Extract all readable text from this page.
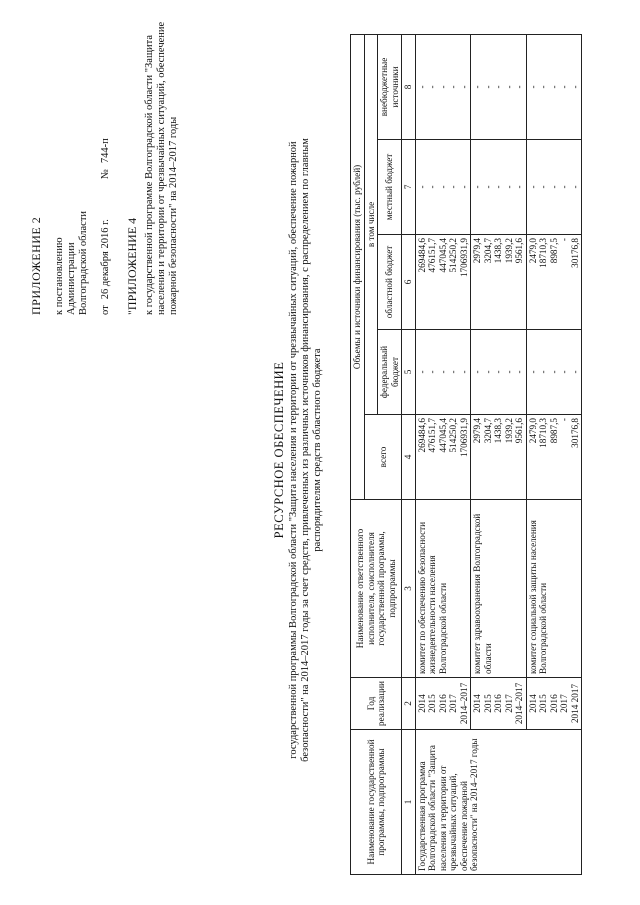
ПРИЛОЖЕНИЕ 2 к постановлению Администрации Волгоградской области от
26 декабря 2016 г.
№
744-п

"ПРИЛОЖЕНИЕ 4 к государственной программе Волгоградской области "Защита населения и территории от чрезвычайных ситуаций, обеспечение пожарной безопасности" на 2014–2017 годы

РЕСУРСНОЕ ОБЕСПЕЧЕНИЕ государственной программы Волгоградской области "Защита населения и территории от чрезвычайных ситуаций, обеспечение пожарной безопасности" на 2014–2017 годы за счет средств, привлеченных из различных источников финансирования, с распределением по главным распорядителям средств областного бюджета
Наименование государственной программы, подпрограммы	Год реализации	Наименование ответственного исполнителя, соисполнителя государственной программы, подпрограммы	Объемы и источники финансирования (тыс. рублей)				
			всего	в том числе			
				федеральный бюджет	областной бюджет	местный бюджет	внебюджетные источники
1	2	3	4	5	6	7	8
Государственная программа Волгоградской области "Защита населения и территории от чрезвычайных ситуаций, обеспечение пожарной безопасности" на 2014–2017 годы	2014 2015 2016 2017 2014–2017	комитет по обеспечению безопасности жизнедеятельности населения Волгоградской области	269484,6 476151,7 447045,4 514250,2 1706931,9	- - - - -	269484,6 476151,7 447045,4 514250,2 1706931,9	- - - - -	- - - - -

	2014 2015 2016 2017 2014–2017	комитет здравоохранения Волгоградской области	2979,4 3204,7 1438,3 1939,2 9561,6	- - - - -	2979,4 3204,7 1438,3 1939,2 9561,6	- - - - -	- - - - -

	2014 2015 2016 2017 2014 2017	комитет социальной защиты населения Волгоградской области	2479,0 18710,3 8987,5 - 30176,8	- - - - -	2479,0 18710,3 8987,5 - 30176,8	- - - - -	- - - - -
